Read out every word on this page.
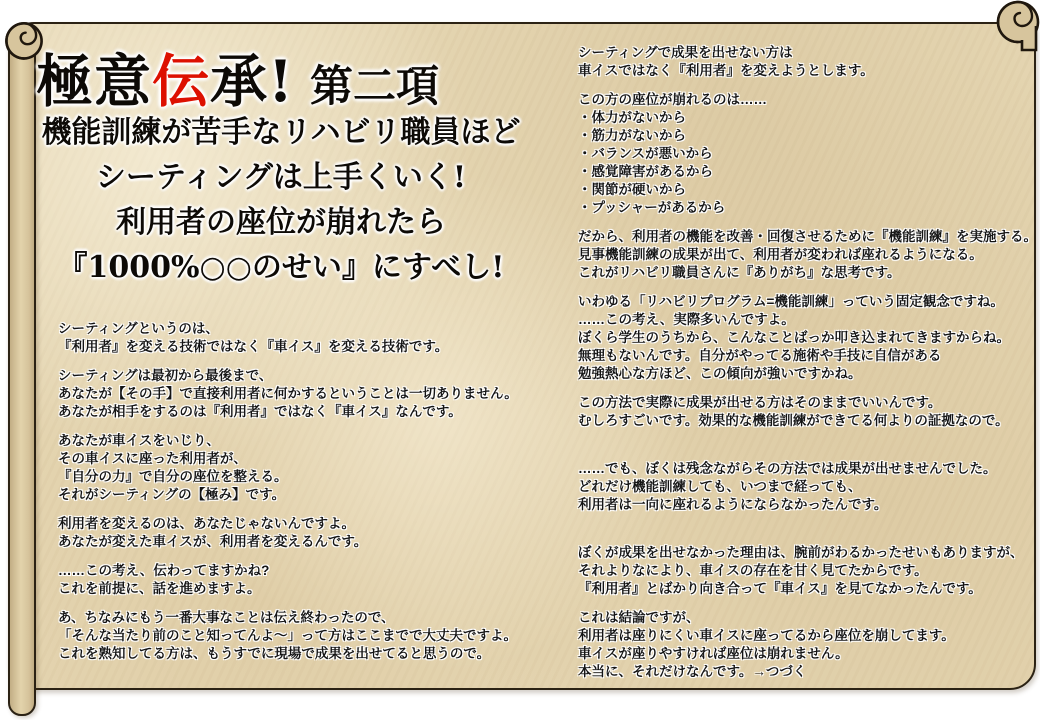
極意伝承! 第二項
機能訓練が苦手なリハビリ職員ほど
シーティングは上手くいく!
利用者の座位が崩れたら
『1000%○○のせい』にすべし!

シーティングというのは、
『利用者』を変える技術ではなく『車イス』を変える技術です。

シーティングは最初から最後まで、
あなたが【その手】で直接利用者に何かするということは一切ありません。
あなたが相手をするのは『利用者』ではなく『車イス』なんです。

あなたが車イスをいじり、
その車イスに座った利用者が、
『自分の力』で自分の座位を整える。
それがシーティングの【極み】です。

利用者を変えるのは、あなたじゃないんですよ。
あなたが変えた車イスが、利用者を変えるんです。

……この考え、伝わってますかね?
これを前提に、話を進めますよ。

あ、ちなみにもう一番大事なことは伝え終わったので、
「そんな当たり前のこと知ってんよ〜」って方はここまでで大丈夫ですよ。
これを熟知してる方は、もうすでに現場で成果を出せてると思うので。

シーティングで成果を出せない方は
車イスではなく『利用者』を変えようとします。

この方の座位が崩れるのは……
・体力がないから
・筋力がないから
・バランスが悪いから
・感覚障害があるから
・関節が硬いから
・プッシャーがあるから

だから、利用者の機能を改善・回復させるために『機能訓練』を実施する。
見事機能訓練の成果が出て、利用者が変われば座れるようになる。
これがリハビリ職員さんに『ありがち』な思考です。

いわゆる「リハビリプログラム=機能訓練」っていう固定観念ですね。
……この考え、実際多いんですよ。
ぼくら学生のうちから、こんなことばっか叩き込まれてきますからね。
無理もないんです。自分がやってる施術や手技に自信がある
勉強熱心な方ほど、この傾向が強いですかね。

この方法で実際に成果が出せる方はそのままでいいんです。
むしろすごいです。効果的な機能訓練ができてる何よりの証拠なので。

……でも、ぼくは残念ながらその方法では成果が出せませんでした。
どれだけ機能訓練しても、いつまで経っても、
利用者は一向に座れるようにならなかったんです。

ぼくが成果を出せなかった理由は、腕前がわるかったせいもありますが、
それよりなにより、車イスの存在を甘く見てたからです。
『利用者』とばかり向き合って『車イス』を見てなかったんです。

これは結論ですが、
利用者は座りにくい車イスに座ってるから座位を崩してます。
車イスが座りやすければ座位は崩れません。
本当に、それだけなんです。→つづく
